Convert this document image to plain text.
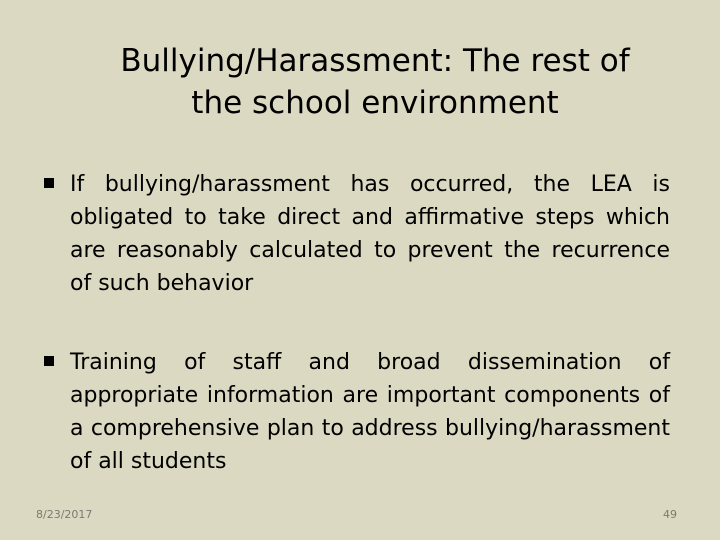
Bullying/Harassment: The rest of
the school environment
If bullying/harassment has occurred, the LEA is obligated to take direct and affirmative steps which are reasonably calculated to prevent the recurrence of such behavior
Training of staff and broad dissemination of appropriate information are important components of a comprehensive plan to address bullying/harassment of all students
8/23/2017	49
